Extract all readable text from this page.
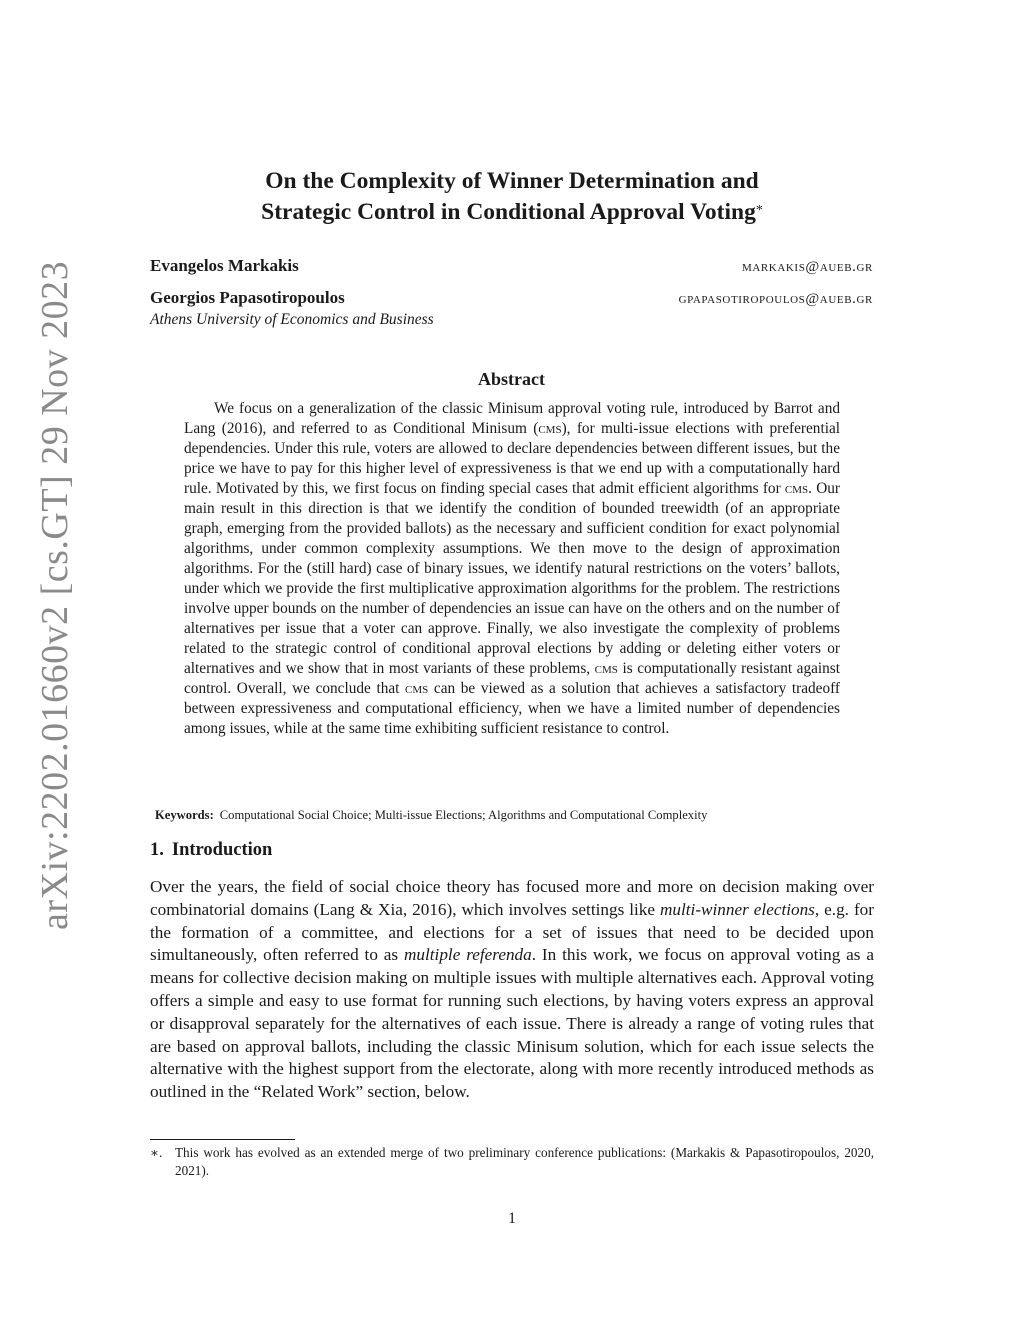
arXiv:2202.01660v2 [cs.GT] 29 Nov 2023
On the Complexity of Winner Determination and
Strategic Control in Conditional Approval Voting*
Evangelos Markakis	markakis@aueb.gr
Georgios Papasotiropoulos	gpapasotiropoulos@aueb.gr
Athens University of Economics and Business
Abstract

We focus on a generalization of the classic Minisum approval voting rule, introduced by Barrot and Lang (2016), and referred to as Conditional Minisum (cms), for multi-issue elections with preferential dependencies. Under this rule, voters are allowed to declare dependencies between different issues, but the price we have to pay for this higher level of expressiveness is that we end up with a computationally hard rule. Motivated by this, we first focus on finding special cases that admit efficient algorithms for cms. Our main result in this direction is that we identify the condition of bounded treewidth (of an appropriate graph, emerging from the provided ballots) as the necessary and sufficient condition for exact polynomial algorithms, under common complexity assumptions. We then move to the design of approximation algorithms. For the (still hard) case of binary issues, we identify natural restrictions on the voters’ ballots, under which we provide the first multiplicative approximation algorithms for the problem. The restrictions involve upper bounds on the number of dependencies an issue can have on the others and on the number of alternatives per issue that a voter can approve. Finally, we also investigate the complexity of problems related to the strategic control of conditional approval elections by adding or deleting either voters or alternatives and we show that in most variants of these problems, cms is computationally resistant against control. Overall, we conclude that cms can be viewed as a solution that achieves a satisfactory tradeoff between expressiveness and computational efficiency, when we have a limited number of dependencies among issues, while at the same time exhibiting sufficient resistance to control.

Keywords: Computational Social Choice; Multi-issue Elections; Algorithms and Computational Complexity
1. Introduction

Over the years, the field of social choice theory has focused more and more on decision making over combinatorial domains (Lang & Xia, 2016), which involves settings like multi-winner elections, e.g. for the formation of a committee, and elections for a set of issues that need to be decided upon simultaneously, often referred to as multiple referenda. In this work, we focus on approval voting as a means for collective decision making on multiple issues with multiple alternatives each. Approval voting offers a simple and easy to use format for running such elections, by having voters express an approval or disapproval separately for the alternatives of each issue. There is already a range of voting rules that are based on approval ballots, including the classic Minisum solution, which for each issue selects the alternative with the highest support from the electorate, along with more recently introduced methods as outlined in the “Related Work” section, below.

∗. This work has evolved as an extended merge of two preliminary conference publications: (Markakis & Papasotiropoulos, 2020, 2021).

1
